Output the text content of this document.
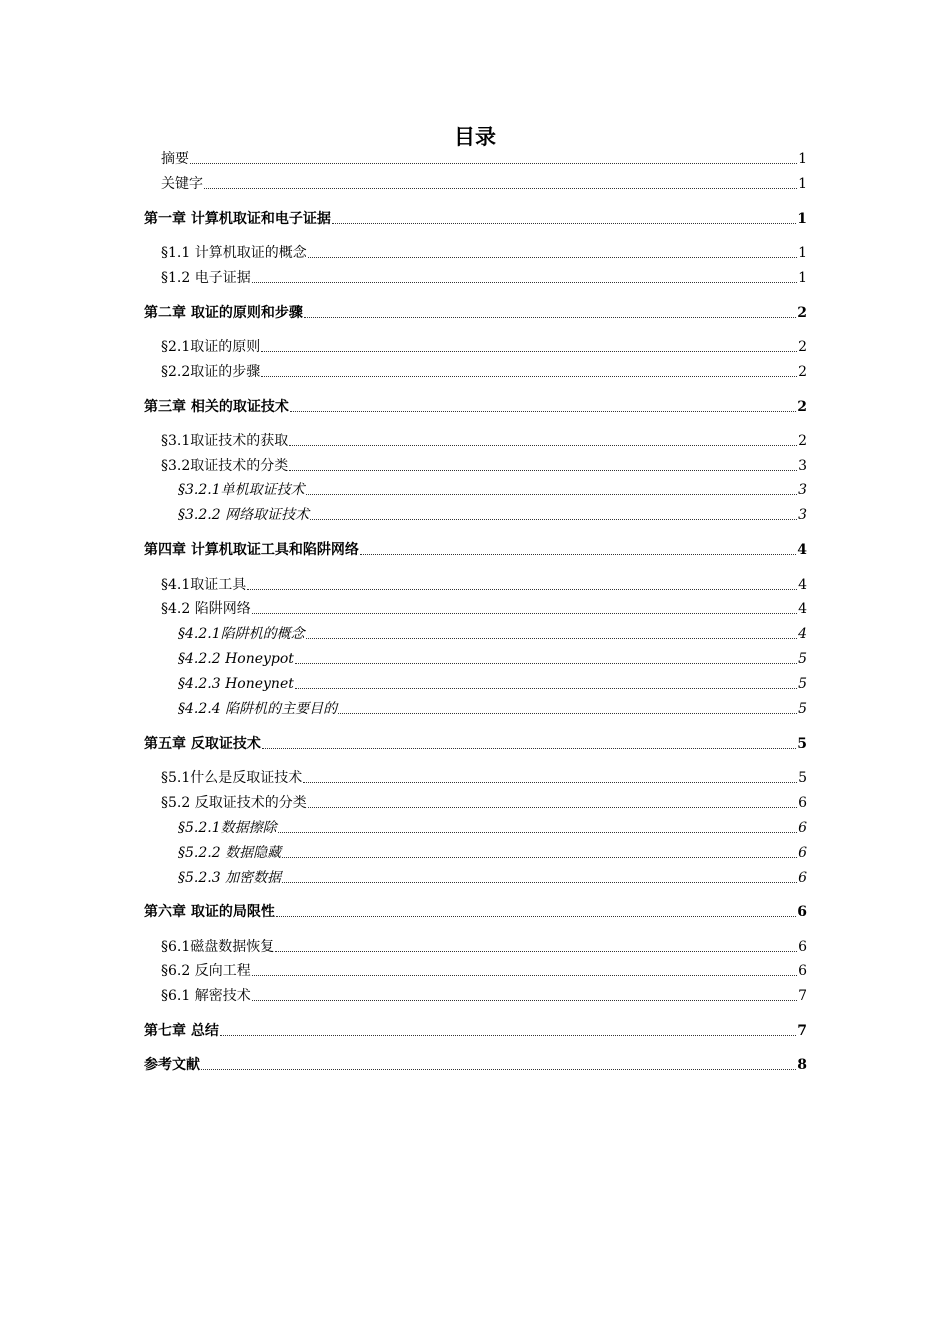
目录
摘要	1
关键字	1
第一章 计算机取证和电子证据	1
§1.1 计算机取证的概念	1
§1.2 电子证据	1
第二章 取证的原则和步骤	2
§2.1取证的原则	2
§2.2取证的步骤	2
第三章 相关的取证技术	2
§3.1取证技术的获取	2
§3.2取证技术的分类	3
§3.2.1单机取证技术	3
§3.2.2 网络取证技术	3
第四章 计算机取证工具和陷阱网络	4
§4.1取证工具	4
§4.2 陷阱网络	4
§4.2.1陷阱机的概念	4
§4.2.2 Honeypot	5
§4.2.3 Honeynet	5
§4.2.4 陷阱机的主要目的	5
第五章 反取证技术	5
§5.1什么是反取证技术	5
§5.2 反取证技术的分类	6
§5.2.1数据擦除	6
§5.2.2 数据隐藏	6
§5.2.3 加密数据	6
第六章 取证的局限性	6
§6.1磁盘数据恢复	6
§6.2 反向工程	6
§6.1 解密技术	7
第七章 总结	7
参考文献	8
